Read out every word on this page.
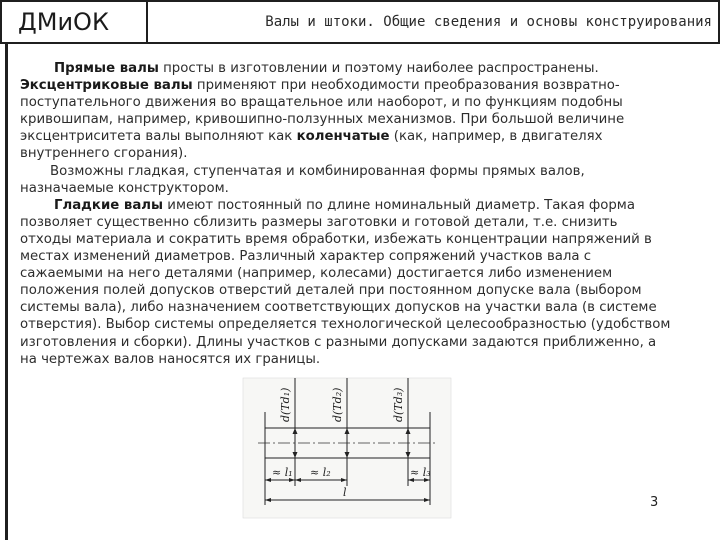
ДМиОК	Валы и штоки. Общие сведения и основы конструирования

Прямые валы просты в изготовлении и поэтому наиболее распространены. Эксцентриковые валы применяют при необходимости преобразования возвратно-поступательного движения во вращательное или наоборот, и по функциям подобны кривошипам, например, кривошипно-ползунных механизмов. При большой величине эксцентриситета валы выполняют как коленчатые (как, например, в двигателях внутреннего сгорания).

Возможны гладкая, ступенчатая и комбинированная формы прямых валов, назначаемые конструктором.

Гладкие валы имеют постоянный по длине номинальный диаметр. Такая форма позволяет существенно сблизить размеры заготовки и готовой детали, т.е. снизить отходы материала и сократить время обработки, избежать концентрации напряжений в местах изменений диаметров. Различный характер сопряжений участков вала с сажаемыми на него деталями (например, колесами) достигается либо изменением положения полей допусков отверстий деталей при постоянном допуске вала (выбором системы вала), либо назначением соответствующих допусков на участки вала (в системе отверстия). Выбор системы определяется технологической целесообразностью (удобством изготовления и сборки). Длины участков с разными допусками задаются приближенно, а на чертежах валов наносятся их границы.

d(Td₁)	d(Td₂)	d(Td₃)
≈ l₁ ≈ l₂	≈ l₃
l
3
